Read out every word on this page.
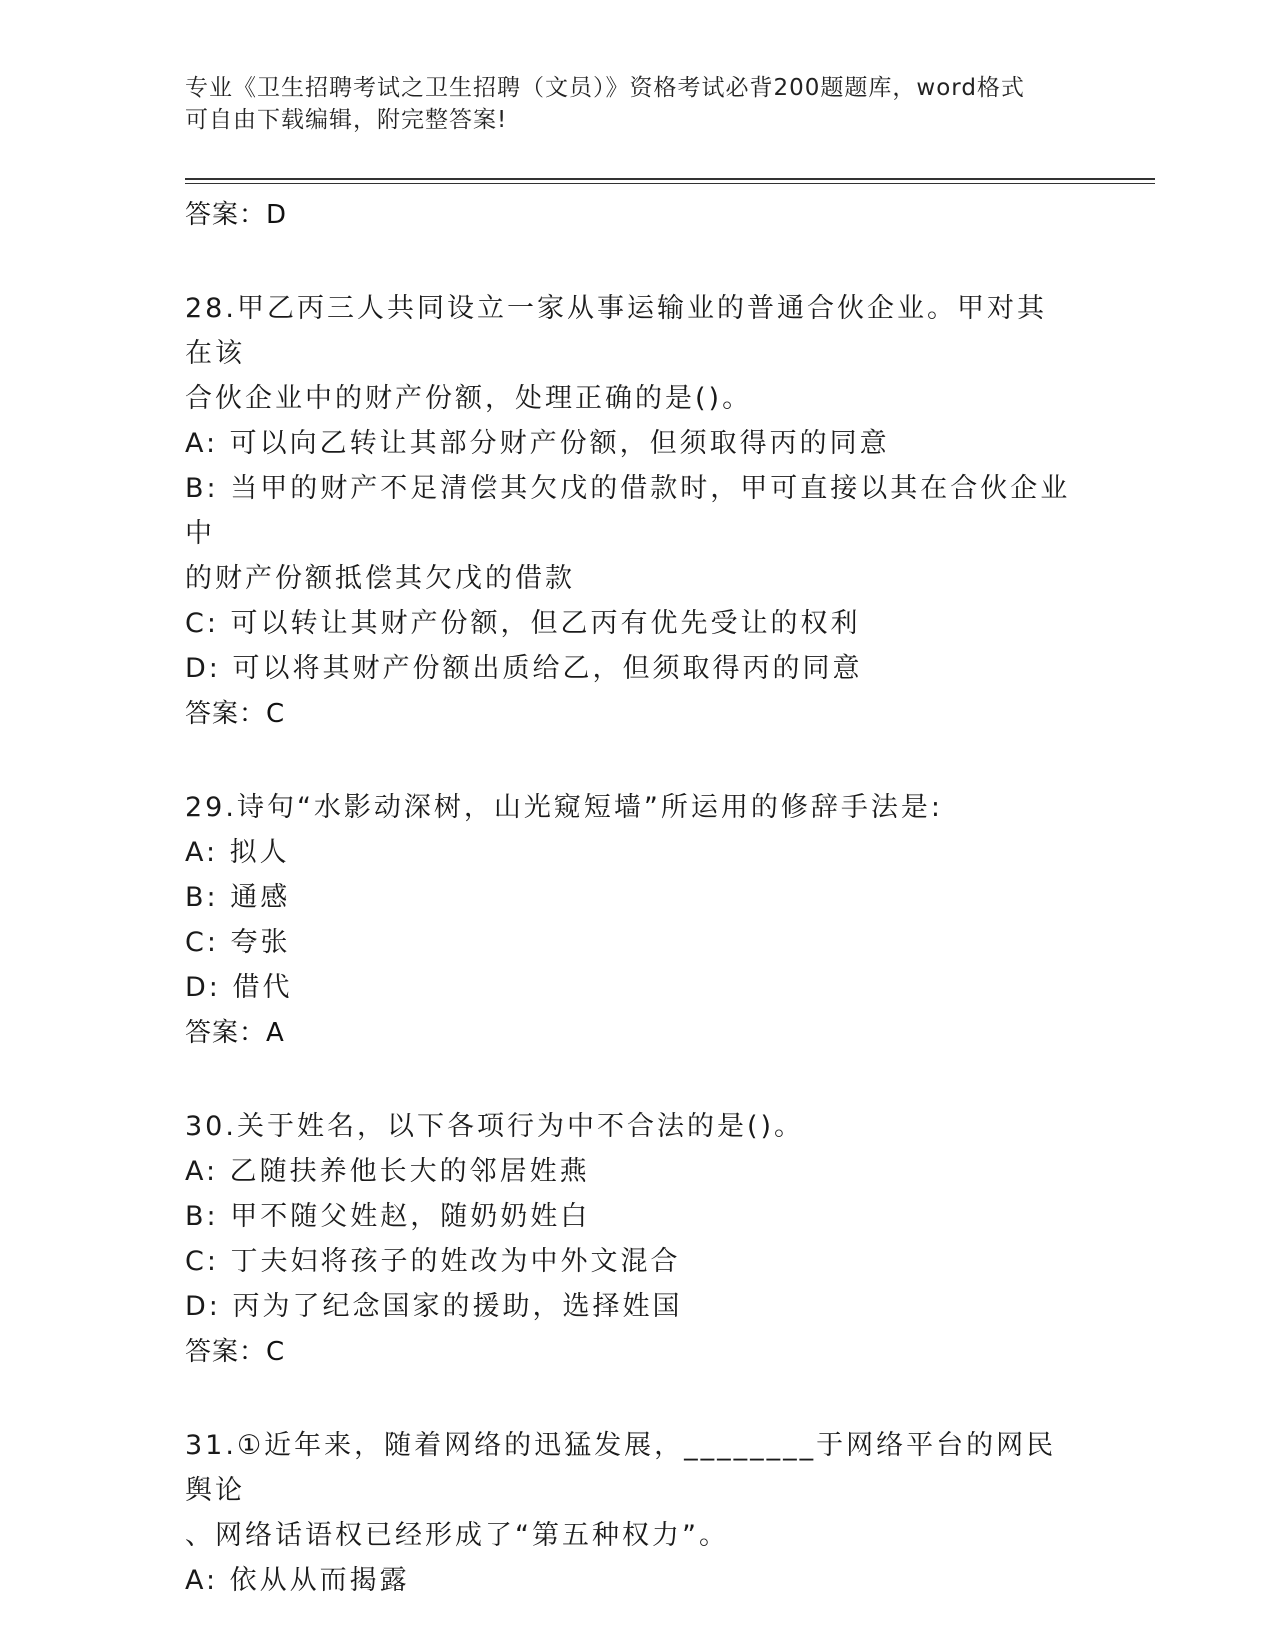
专业《卫生招聘考试之卫生招聘（文员）》资格考试必背200题题库，word格式
可自由下载编辑，附完整答案!

答案：D

28.甲乙丙三人共同设立一家从事运输业的普通合伙企业。甲对其在该

合伙企业中的财产份额，处理正确的是()。

A: 可以向乙转让其部分财产份额，但须取得丙的同意

B: 当甲的财产不足清偿其欠戊的借款时，甲可直接以其在合伙企业中

的财产份额抵偿其欠戊的借款

C: 可以转让其财产份额，但乙丙有优先受让的权利

D: 可以将其财产份额出质给乙，但须取得丙的同意

答案：C

29.诗句“水影动深树，山光窥短墙”所运用的修辞手法是:

A: 拟人

B: 通感

C: 夸张

D: 借代

答案：A

30.关于姓名，以下各项行为中不合法的是()。

A: 乙随扶养他长大的邻居姓燕

B: 甲不随父姓赵，随奶奶姓白

C: 丁夫妇将孩子的姓改为中外文混合

D: 丙为了纪念国家的援助，选择姓国

答案：C

31.①近年来，随着网络的迅猛发展，________于网络平台的网民舆论

、网络话语权已经形成了“第五种权力”。

A: 依从从而揭露
